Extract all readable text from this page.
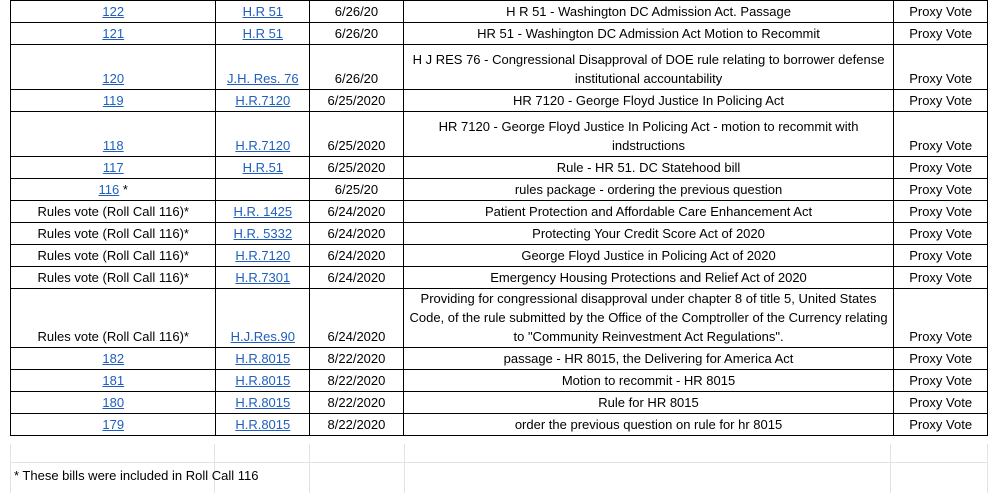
122	H.R 51	6/26/20	H R 51 - Washington DC Admission Act. Passage	Proxy Vote
121	H.R 51	6/26/20	HR 51 - Washington DC Admission Act Motion to Recommit	Proxy Vote
120	J.H. Res. 76	6/26/20	H J RES 76 - Congressional Disapproval of DOE rule relating to borrower defense institutional accountability	Proxy Vote
119	H.R.7120	6/25/2020	HR 7120 - George Floyd Justice In Policing Act	Proxy Vote
118	H.R.7120	6/25/2020	HR 7120 - George Floyd Justice In Policing Act - motion to recommit with indstructions	Proxy Vote
117	H.R.51	6/25/2020	Rule - HR 51. DC Statehood bill	Proxy Vote
116 *		6/25/20	rules package - ordering the previous question	Proxy Vote
Rules vote (Roll Call 116)*	H.R. 1425	6/24/2020	Patient Protection and Affordable Care Enhancement Act	Proxy Vote
Rules vote (Roll Call 116)*	H.R. 5332	6/24/2020	Protecting Your Credit Score Act of 2020	Proxy Vote
Rules vote (Roll Call 116)*	H.R.7120	6/24/2020	George Floyd Justice in Policing Act of 2020	Proxy Vote
Rules vote (Roll Call 116)*	H.R.7301	6/24/2020	Emergency Housing Protections and Relief Act of 2020	Proxy Vote
Rules vote (Roll Call 116)*	H.J.Res.90	6/24/2020	Providing for congressional disapproval under chapter 8 of title 5, United States Code, of the rule submitted by the Office of the Comptroller of the Currency relating to "Community Reinvestment Act Regulations".	Proxy Vote
182	H.R.8015	8/22/2020	passage - HR 8015, the Delivering for America Act	Proxy Vote
181	H.R.8015	8/22/2020	Motion to recommit - HR 8015	Proxy Vote
180	H.R.8015	8/22/2020	Rule for HR 8015	Proxy Vote
179	H.R.8015	8/22/2020	order the previous question on rule for hr 8015	Proxy Vote
* These bills were included in Roll Call 116
